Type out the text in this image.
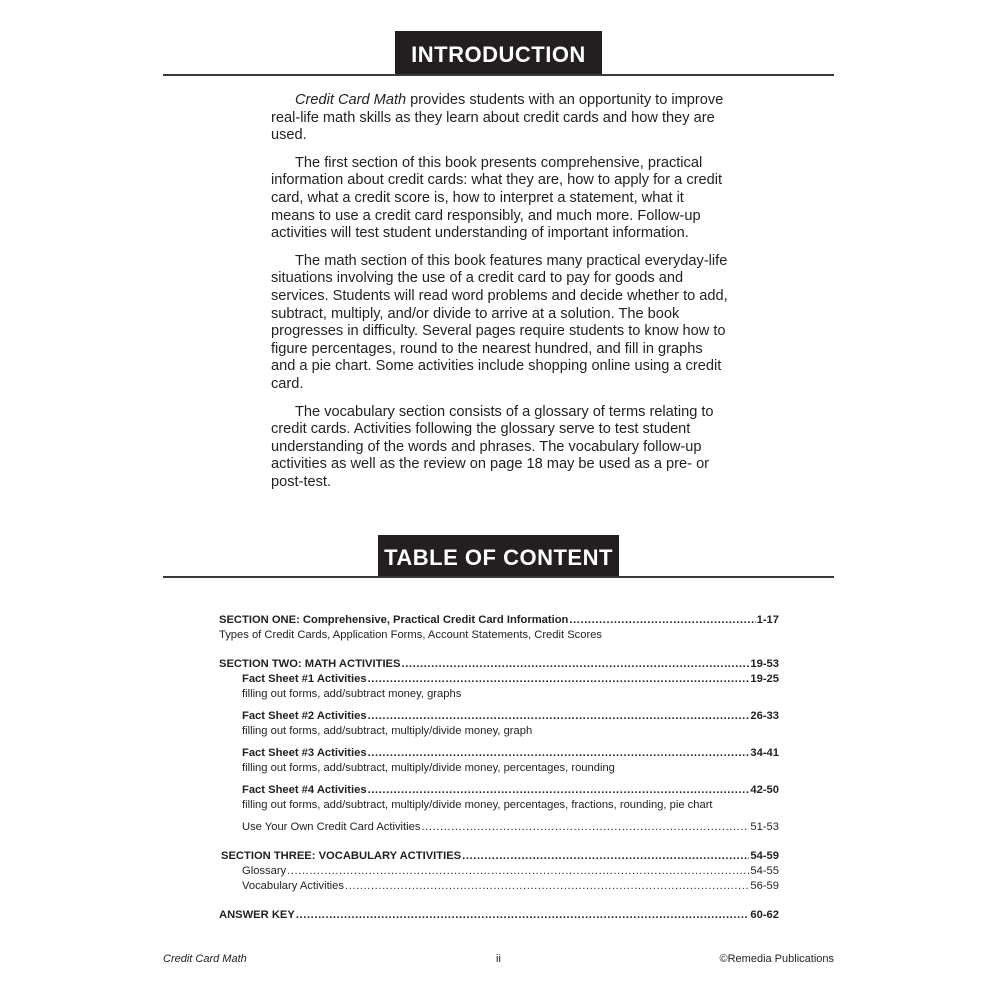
INTRODUCTION

Credit Card Math provides students with an opportunity to improve real-life math skills as they learn about credit cards and how they are used.

The first section of this book presents comprehensive, practical information about credit cards: what they are, how to apply for a credit card, what a credit score is, how to interpret a statement, what it means to use a credit card responsibly, and much more. Follow-up activities will test student understanding of important information.

The math section of this book features many practical everyday-life situations involving the use of a credit card to pay for goods and services. Students will read word problems and decide whether to add, subtract, multiply, and/or divide to arrive at a solution. The book progresses in difficulty. Several pages require students to know how to figure percentages, round to the nearest hundred, and fill in graphs and a pie chart. Some activities include shopping online using a credit card.

The vocabulary section consists of a glossary of terms relating to credit cards. Activities following the glossary serve to test student understanding of the words and phrases. The vocabulary follow-up activities as well as the review on page 18 may be used as a pre- or post-test.

TABLE OF CONTENT
SECTION ONE: Comprehensive, Practical Credit Card Information .....	1-17
Types of Credit Cards, Application Forms, Account Statements, Credit Scores
SECTION TWO: MATH ACTIVITIES .....	19-53
Fact Sheet #1 Activities .....	19-25
filling out forms, add/subtract money, graphs
Fact Sheet #2 Activities .....	26-33
filling out forms, add/subtract, multiply/divide money, graph
Fact Sheet #3 Activities .....	34-41
filling out forms, add/subtract, multiply/divide money, percentages, rounding
Fact Sheet #4 Activities .....	42-50
filling out forms, add/subtract, multiply/divide money, percentages, fractions, rounding, pie chart
Use Your Own Credit Card Activities .....	51-53
SECTION THREE: VOCABULARY ACTIVITIES .....	54-59
Glossary .....	54-55
Vocabulary Activities .....	56-59
ANSWER KEY .....	60-62
Credit Card Math	ii	©Remedia Publications
